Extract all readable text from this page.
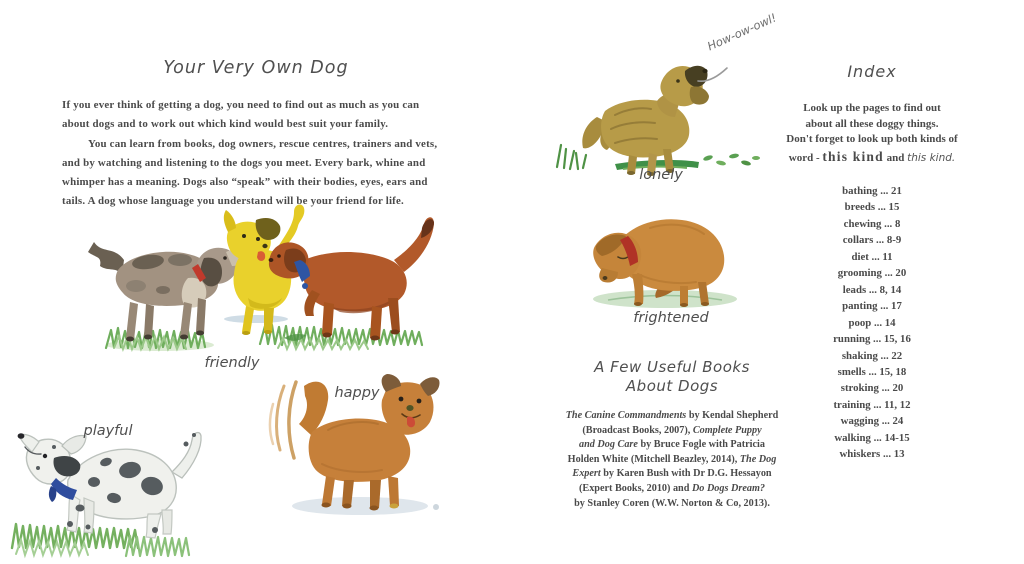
Your Very Own Dog

If you ever think of getting a dog, you need to find out as much as you can about dogs and to work out which kind would best suit your family.

You can learn from books, dog owners, rescue centres, trainers and vets, and by watching and listening to the dogs you meet. Every bark, whine and whimper has a meaning. Dogs also “speak” with their bodies, eyes, ears and tails. A dog whose language you understand will be your friend for life.

friendly
playful
happy
How-ow-owl!
lonely
frightened
A Few Useful Books
About Dogs
The Canine Commandments by Kendal Shepherd
(Broadcast Books, 2007), Complete Puppy
and Dog Care by Bruce Fogle with Patricia
Holden White (Mitchell Beazley, 2014), The Dog
Expert by Karen Bush with Dr D.G. Hessayon
(Expert Books, 2010) and Do Dogs Dream?
by Stanley Coren (W.W. Norton & Co, 2013).
Index
Look up the pages to find out
about all these doggy things.
Don't forget to look up both kinds of
word - this kind and this kind.
bathing ... 21
breeds ... 15
chewing ... 8
collars ... 8-9
diet ... 11
grooming ... 20
leads ... 8, 14
panting ... 17
poop ... 14
running ... 15, 16
shaking ... 22
smells ... 15, 18
stroking ... 20
training ... 11, 12
wagging ... 24
walking ... 14-15
whiskers ... 13
